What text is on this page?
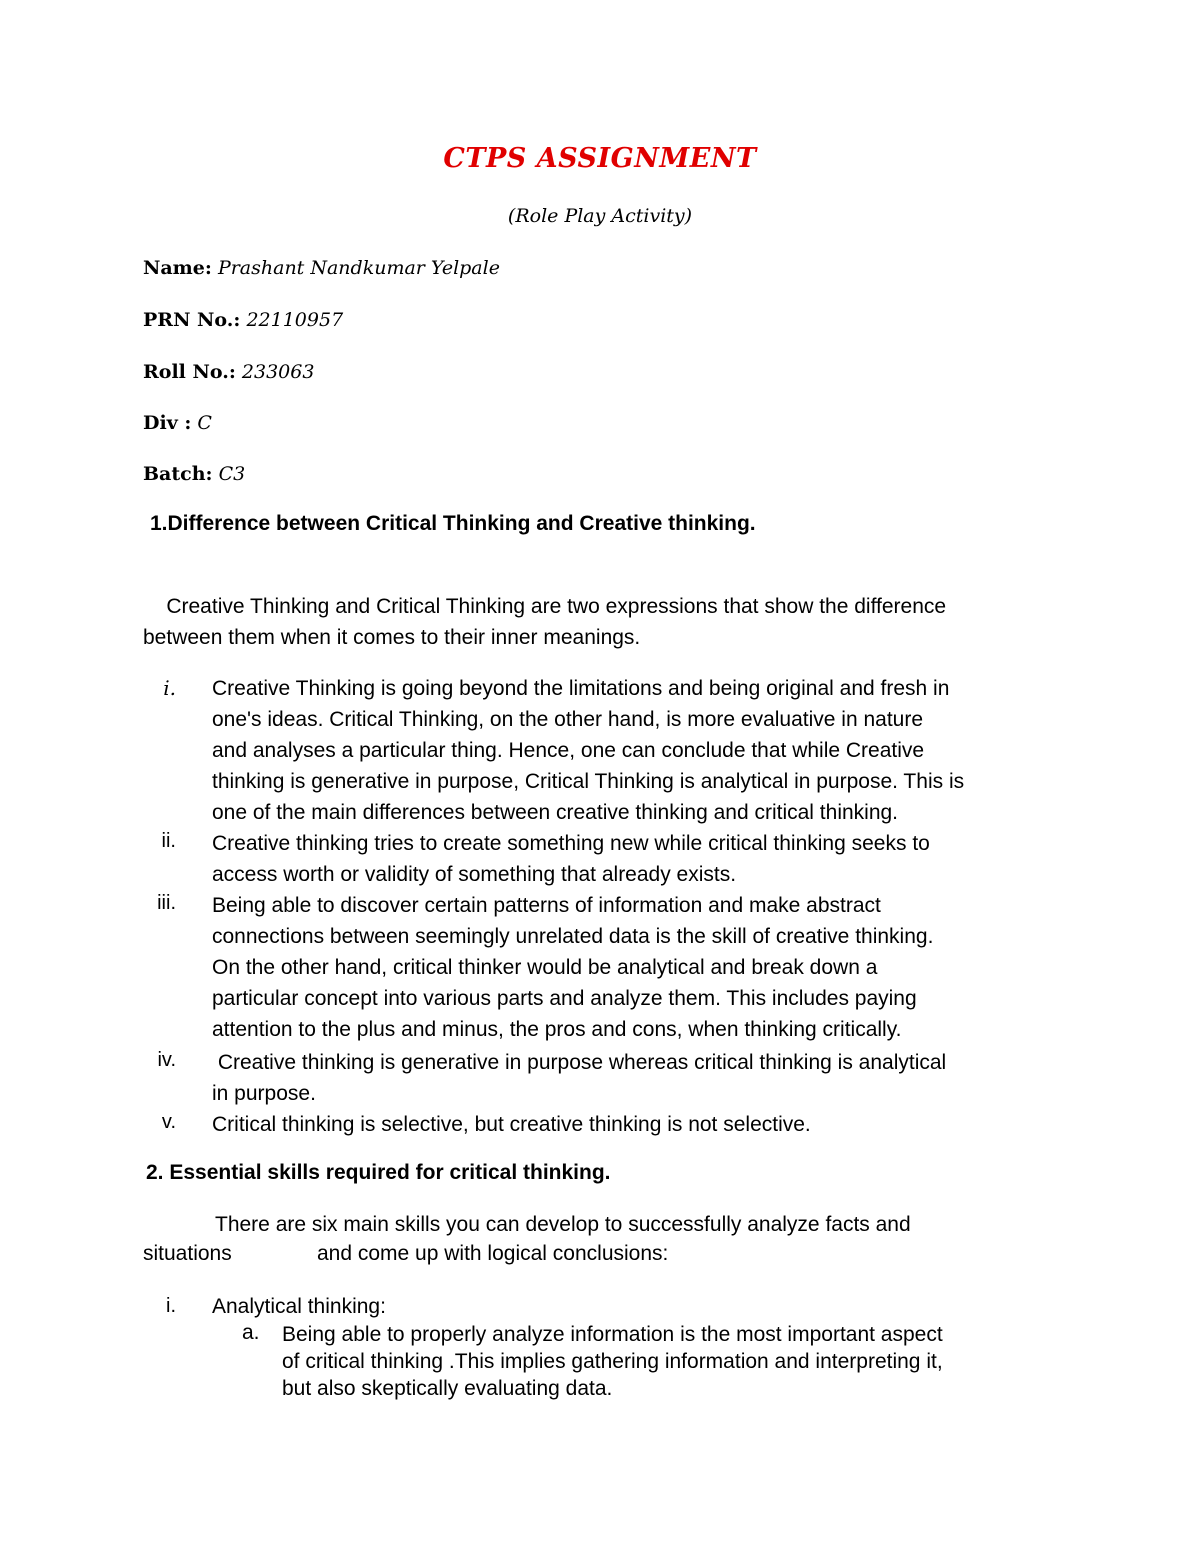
CTPS ASSIGNMENT
(Role Play Activity)
Name: Prashant Nandkumar Yelpale
PRN No.: 22110957
Roll No.: 233063
Div : C
Batch: C3
1.Difference between Critical Thinking and Creative thinking.
Creative Thinking and Critical Thinking are two expressions that show the difference
between them when it comes to their inner meanings.
i. Creative Thinking is going beyond the limitations and being original and fresh in
one's ideas. Critical Thinking, on the other hand, is more evaluative in nature
and analyses a particular thing. Hence, one can conclude that while Creative
thinking is generative in purpose, Critical Thinking is analytical in purpose. This is
one of the main differences between creative thinking and critical thinking.
ii. Creative thinking tries to create something new while critical thinking seeks to
access worth or validity of something that already exists.
iii. Being able to discover certain patterns of information and make abstract
connections between seemingly unrelated data is the skill of creative thinking.
On the other hand, critical thinker would be analytical and break down a
particular concept into various parts and analyze them. This includes paying
attention to the plus and minus, the pros and cons, when thinking critically.
iv. Creative thinking is generative in purpose whereas critical thinking is analytical
in purpose.
v. Critical thinking is selective, but creative thinking is not selective.
2. Essential skills required for critical thinking.
There are six main skills you can develop to successfully analyze facts and
situations	and come up with logical conclusions:
i. Analytical thinking:
a.	Being able to properly analyze information is the most important aspect
of critical thinking .This implies gathering information and interpreting it,
but also skeptically evaluating data.
